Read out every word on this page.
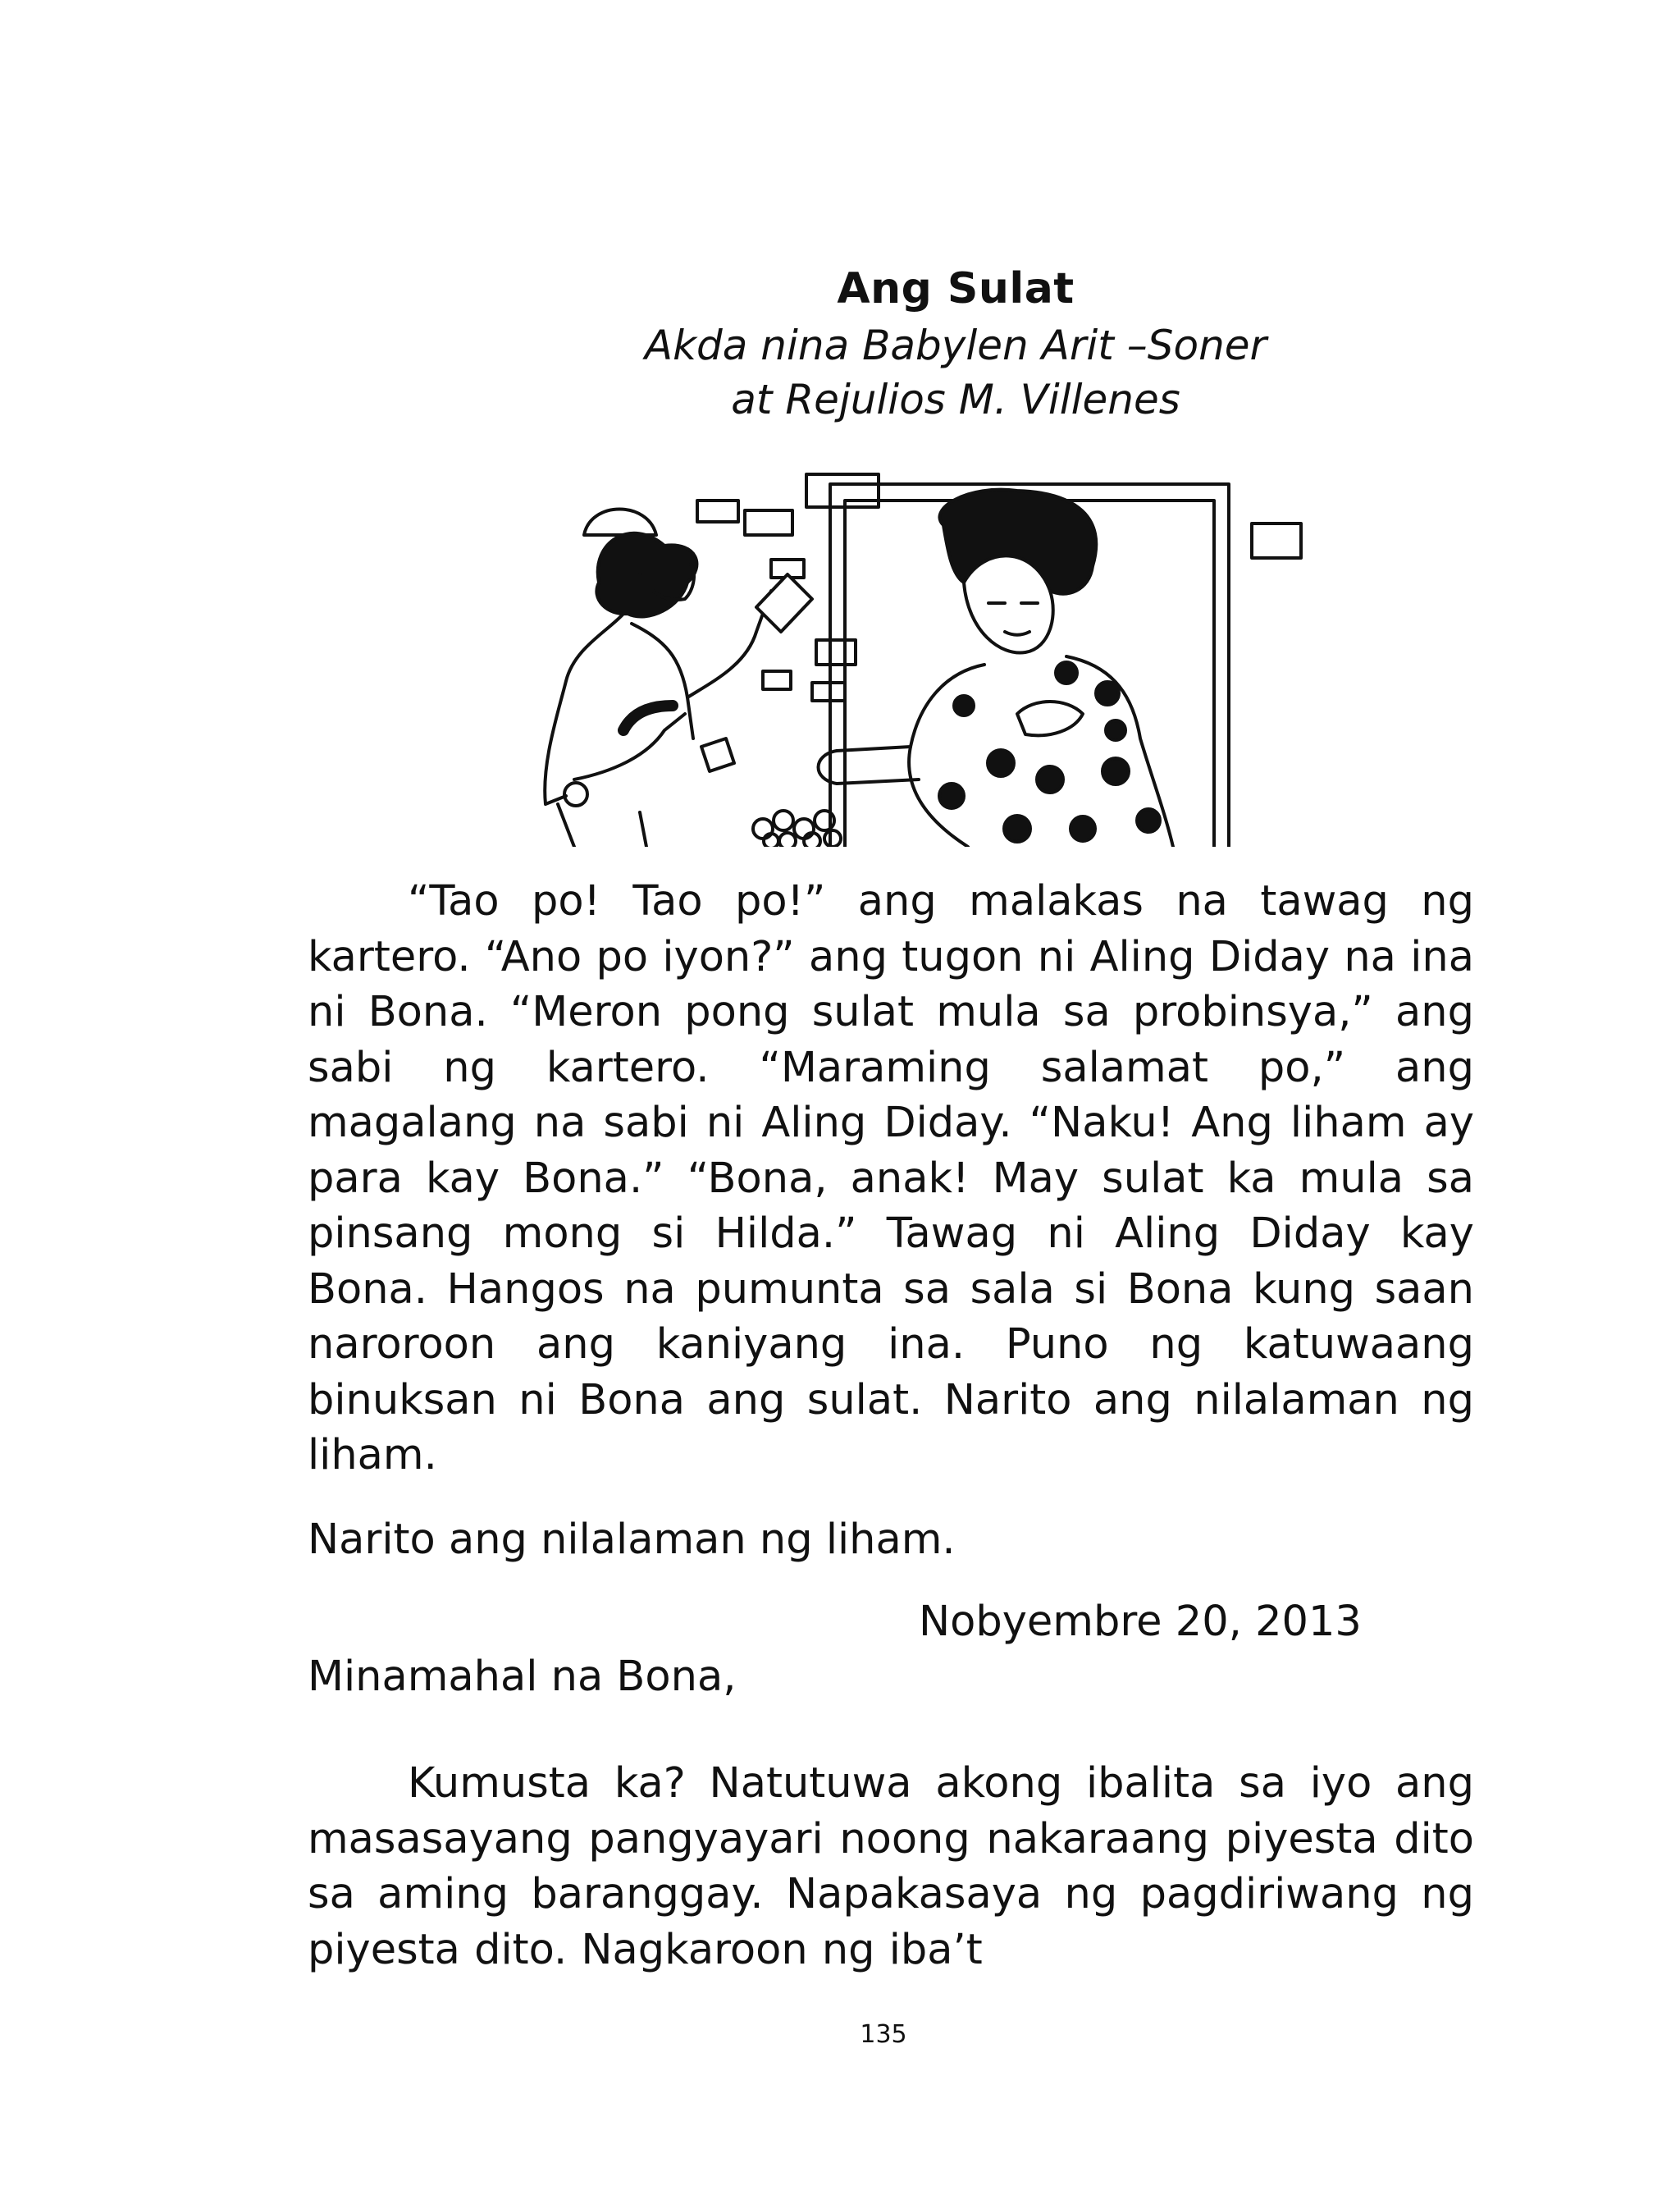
Ang Sulat
Akda nina Babylen Arit –Soner
at Rejulios M. Villenes

“Tao po! Tao po!” ang malakas na tawag ng kartero. “Ano po iyon?” ang tugon ni Aling Diday na ina ni Bona. “Meron pong sulat mula sa probinsya,” ang sabi ng kartero. “Maraming salamat po,” ang magalang na sabi ni Aling Diday. “Naku! Ang liham ay para kay Bona.” “Bona, anak! May sulat ka mula sa pinsang mong si Hilda.” Tawag ni Aling Diday kay Bona. Hangos na pumunta sa sala si Bona kung saan naroroon ang kaniyang ina. Puno ng katuwaang binuksan ni Bona ang sulat. Narito ang nilalaman ng liham.

Narito ang nilalaman ng liham.
Nobyembre 20, 2013
Minamahal na Bona,

Kumusta ka? Natutuwa akong ibalita sa iyo ang masasayang pangyayari noong nakaraang piyesta dito sa aming baranggay. Napakasaya ng pagdiriwang ng piyesta dito. Nagkaroon ng iba’t

135
